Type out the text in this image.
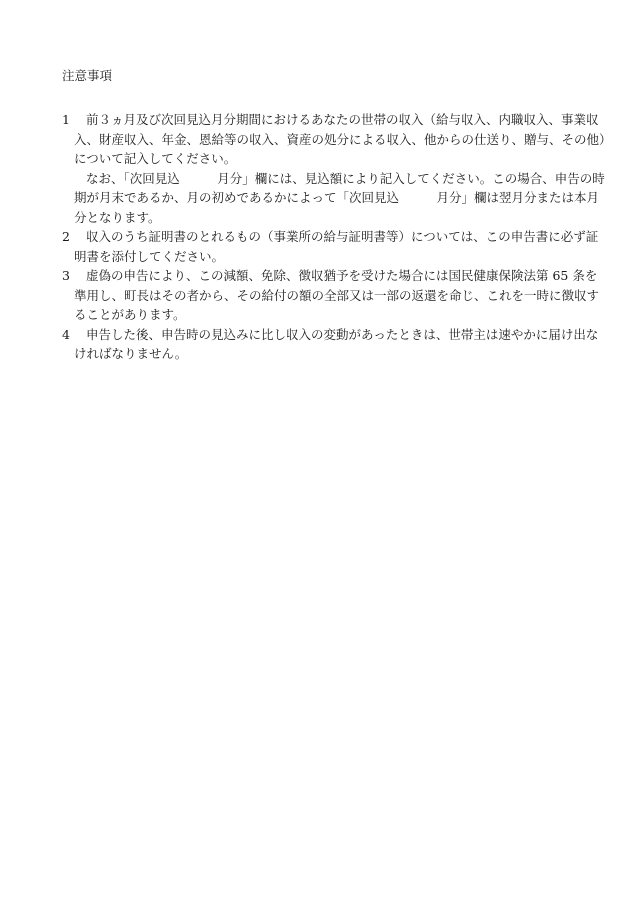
注意事項
1	前３ヵ月及び次回見込月分期間におけるあなたの世帯の収入（給与収入、内職収入、事業収
入、財産収入、年金、恩給等の収入、資産の処分による収入、他からの仕送り、贈与、その他）
について記入してください。
なお、「次回見込　　　月分」欄には、見込額により記入してください。この場合、申告の時
期が月末であるか、月の初めであるかによって「次回見込　　　月分」欄は翌月分または本月
分となります。
2	収入のうち証明書のとれるもの（事業所の給与証明書等）については、この申告書に必ず証
明書を添付してください。
3	虚偽の申告により、この減額、免除、徴収猶予を受けた場合には国民健康保険法第 65 条を
準用し、町長はその者から、その給付の額の全部又は一部の返還を命じ、これを一時に徴収す
ることがあります。
4	申告した後、申告時の見込みに比し収入の変動があったときは、世帯主は速やかに届け出な
ければなりません。
